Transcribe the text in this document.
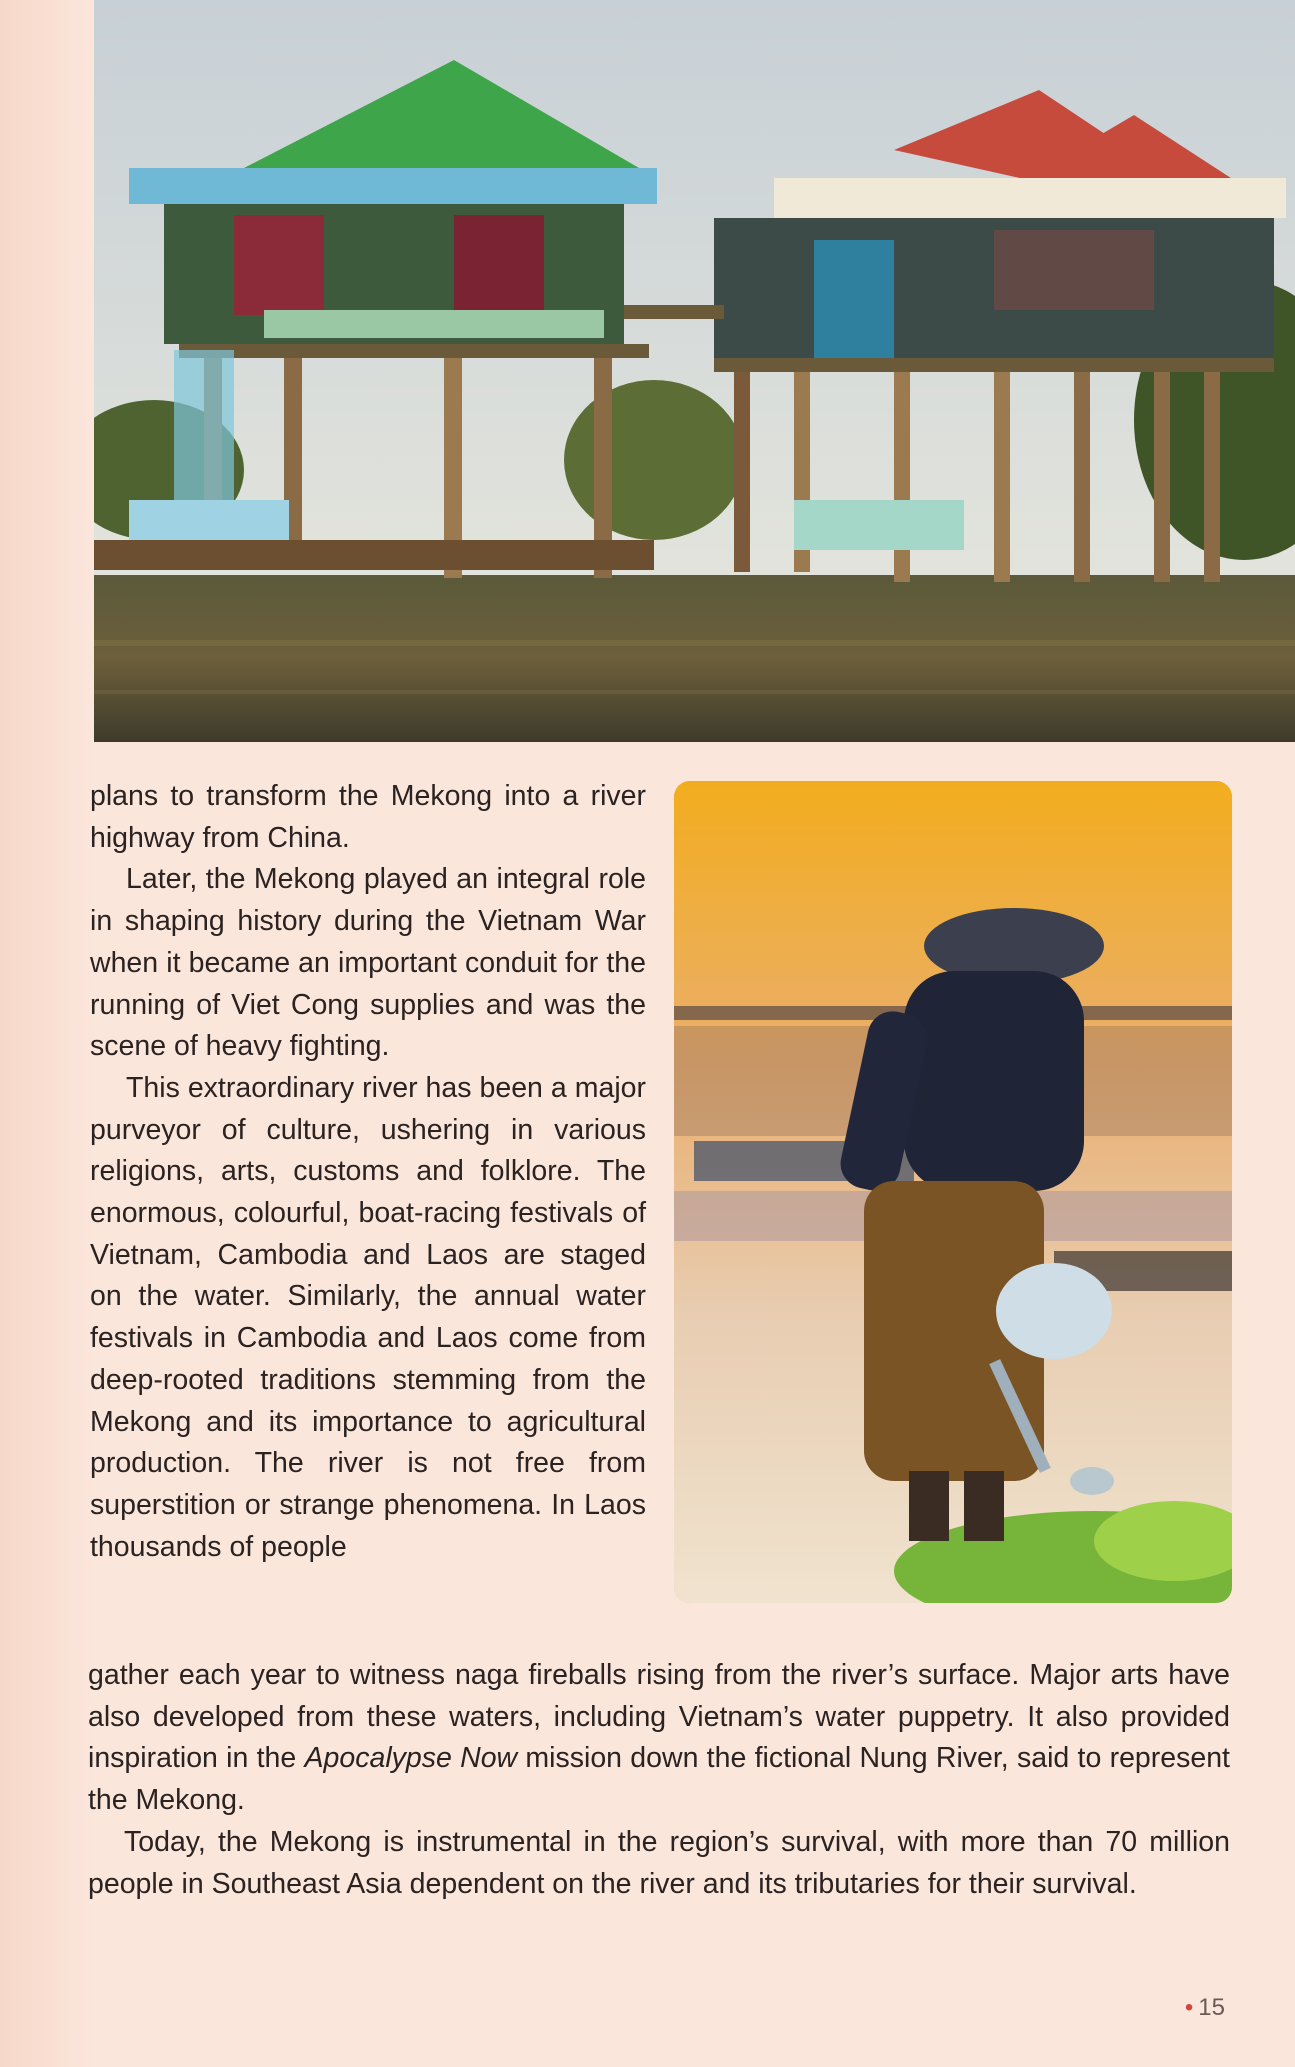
plans to transform the Mekong into a river highway from China.

Later, the Mekong played an integral role in shaping history during the Vietnam War when it became an important conduit for the running of Viet Cong supplies and was the scene of heavy fighting.

This extraordinary river has been a major purveyor of culture, ushering in various religions, arts, customs and folklore. The enormous, colourful, boat-racing festivals of Vietnam, Cambodia and Laos are staged on the water. Similarly, the annual water festivals in Cambodia and Laos come from deep-rooted traditions stemming from the Mekong and its importance to agricultural production. The river is not free from superstition or strange phenomena. In Laos thousands of people

gather each year to witness naga fireballs rising from the river’s surface. Major arts have also developed from these waters, including Vietnam’s water puppetry. It also provided inspiration in the Apocalypse Now mission down the fictional Nung River, said to represent the Mekong.

Today, the Mekong is instrumental in the region’s survival, with more than 70 million people in Southeast Asia dependent on the river and its tributaries for their survival.

• 15
